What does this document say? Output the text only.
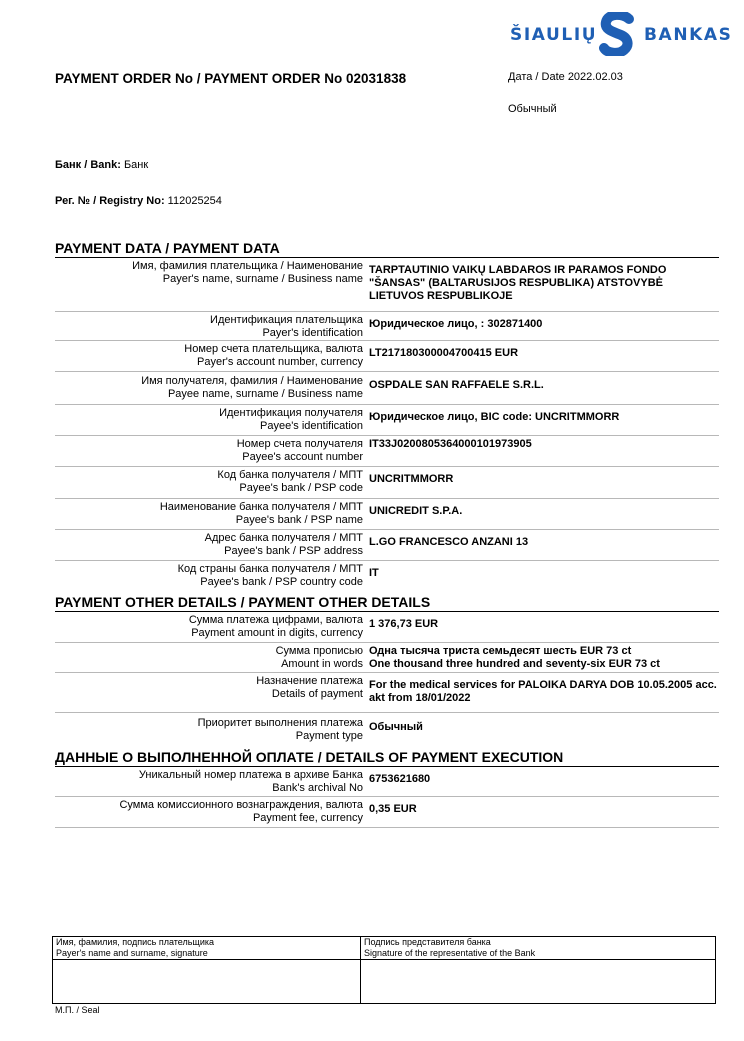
ŠIAULIŲ	BANKAS
PAYMENT ORDER No / PAYMENT ORDER No 02031838	Дата / Date 2022.02.03
Обычный
Банк / Bank: Банк
Рег. № / Registry No: 112025254
PAYMENT DATA / PAYMENT DATA
Имя, фамилия плательщика / Наименование
Payer's name, surname / Business name
TARPTAUTINIO VAIKŲ LABDAROS IR PARAMOS FONDO "ŠANSAS" (BALTARUSIJOS RESPUBLIKA) ATSTOVYBĖ LIETUVOS RESPUBLIKOJE
Идентификация плательщика
Payer's identification
Юридическое лицо, : 302871400
Номер счета плательщика, валюта
Payer's account number, currency
LT217180300004700415 EUR
Имя получателя, фамилия / Наименование
Payee name, surname / Business name
OSPDALE SAN RAFFAELE S.R.L.
Идентификация получателя
Payee's identification
Юридическое лицо, BIC code: UNCRITMMORR
Номер счета получателя
Payee's account number
IT33J0200805364000101973905
Код банка получателя / МПТ
Payee's bank / PSP code
UNCRITMMORR
Наименование банка получателя / МПТ
Payee's bank / PSP name
UNICREDIT S.P.A.
Адрес банка получателя / МПТ
Payee's bank / PSP address
L.GO FRANCESCO ANZANI 13
Код страны банка получателя / МПТ
Payee's bank / PSP country code
IT
PAYMENT OTHER DETAILS / PAYMENT OTHER DETAILS
Сумма платежа цифрами, валюта
Payment amount in digits, currency
1 376,73 EUR
Сумма прописью
Amount in words
Одна тысяча триста семьдесят шесть EUR 73 ct
One thousand three hundred and seventy-six EUR 73 ct
Назначение платежа
Details of payment
For the medical services for PALOIKA DARYA DOB 10.05.2005 acc. akt from 18/01/2022
Приоритет выполнения платежа
Payment type
Обычный
ДАННЫЕ О ВЫПОЛНЕННОЙ ОПЛАТЕ / DETAILS OF PAYMENT EXECUTION
Уникальный номер платежа в архиве Банка
Bank's archival No
6753621680
Сумма комиссионного вознаграждения, валюта
Payment fee, currency
0,35 EUR
Имя, фамилия, подпись плательщика
Payer's name and surname, signature
Подпись представителя банка
Signature of the representative of the Bank
М.П. / Seal
